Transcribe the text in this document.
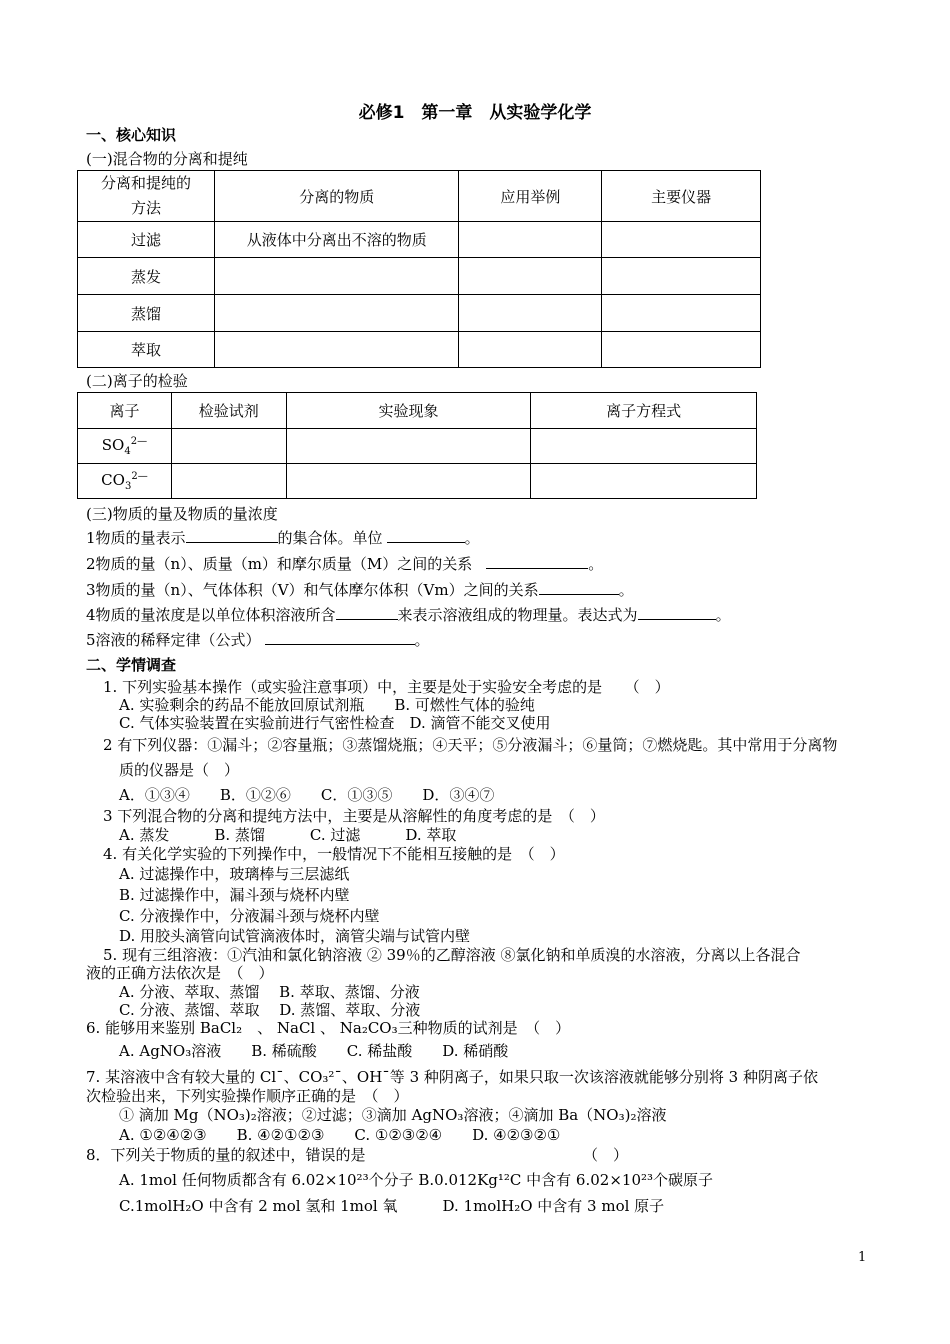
必修1　第一章　从实验学化学
一、核心知识
(一)混合物的分离和提纯
分离和提纯的方法	分离的物质	应用举例	主要仪器
过滤	从液体中分离出不溶的物质		
蒸发			
蒸馏			
萃取			
(二)离子的检验
离子	检验试剂	实验现象	离子方程式
$SO_4^{2—}$			
$CO_3^{2—}$			
(三)物质的量及物质的量浓度
1物质的量表示	的集合体。单位	。
2物质的量（n）、质量（m）和摩尔质量（M）之间的关系	。
3物质的量（n）、气体体积（V）和气体摩尔体积（Vm）之间的关系	。
4物质的量浓度是以单位体积溶液所含	来表示溶液组成的物理量。表达式为	。
5溶液的稀释定律（公式）	。
二、学情调查
1. 下列实验基本操作（或实验注意事项）中，主要是处于实验安全考虑的是　　（　）
A. 实验剩余的药品不能放回原试剂瓶　　B. 可燃性气体的验纯
C. 气体实验装置在实验前进行气密性检查　D. 滴管不能交叉使用
2 有下列仪器：①漏斗；②容量瓶；③蒸馏烧瓶；④天平；⑤分液漏斗；⑥量筒；⑦燃烧匙。其中常用于分离物
质的仪器是（　）
A．①③④　　B．①②⑥　　C．①③⑤　　D．③④⑦
3 下列混合物的分离和提纯方法中，主要是从溶解性的角度考虑的是　（　）
A. 蒸发　　　B. 蒸馏　　　C. 过滤　　　D. 萃取
4. 有关化学实验的下列操作中，一般情况下不能相互接触的是　（　）
A. 过滤操作中，玻璃棒与三层滤纸
B. 过滤操作中，漏斗颈与烧杯内壁
C. 分液操作中，分液漏斗颈与烧杯内壁
D. 用胶头滴管向试管滴液体时，滴管尖端与试管内壁
5. 现有三组溶液：①汽油和氯化钠溶液 ② 39％的乙醇溶液 ⑧氯化钠和单质溴的水溶液，分离以上各混合
液的正确方法依次是　（　）
A. 分液、萃取、蒸馏　 B. 萃取、蒸馏、分液
C. 分液、蒸馏、萃取　 D. 蒸馏、萃取、分液
6. 能够用来鉴别 BaCl₂　、 NaCl 、 Na₂CO₃三种物质的试剂是　（　）
A. AgNO₃溶液　　B. 稀硫酸　　C. 稀盐酸　　D. 稀硝酸
7. 某溶液中含有较大量的 Cl¯、CO₃²¯、OH¯等 3 种阴离子，如果只取一次该溶液就能够分别将 3 种阴离子依
次检验出来，下列实验操作顺序正确的是　（　）
① 滴加 Mg（NO₃)₂溶液；②过滤；③滴加 AgNO₃溶液；④滴加 Ba（NO₃)₂溶液
A. ①②④②③　　B. ④②①②③　　C. ①②③②④　　D. ④②③②①
8．下列关于物质的量的叙述中，错误的是　　　　　　　　　　　　　　　（　）
A. 1mol 任何物质都含有 6.02×10²³个分子 B.0.012Kg¹²C 中含有 6.02×10²³个碳原子
C.1molH₂O 中含有 2 mol 氢和 1mol 氧　　　D. 1molH₂O 中含有 3 mol 原子
1
